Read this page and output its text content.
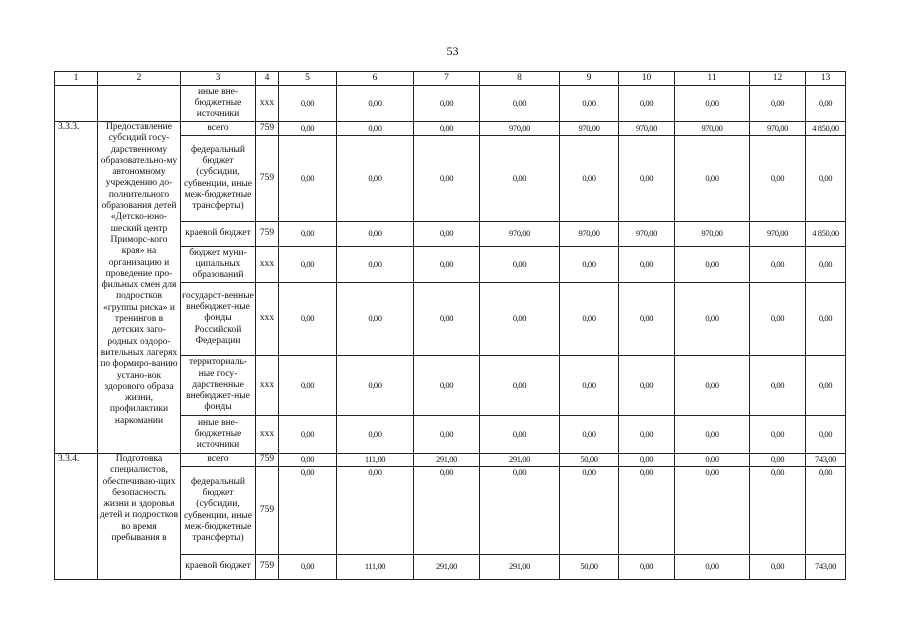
53
1	2	3	4	5	6	7	8	9	10	11	12	13
		иные вне-
бюджетные
источники	xxx	0,00	0,00	0,00	0,00	0,00	0,00	0,00	0,00	0,00
3.3.3.	Предоставление субсидий госу-дарственному образовательно-му автономному учреждению до-полнительного образования детей «Детско-юно-шеский центр Приморс-кого края» на организацию и проведение про-фильных смен для подростков «группы риска» и тренингов в детских заго-родных оздоро-вительных лагерях по формиро-ванию устано-вок здорового образа жизни, профилактики наркомании	всего	759	0,00	0,00	0,00	970,00	970,00	970,00	970,00	970,00	4 850,00
		федеральный бюджет (субсидии, субвенции, иные меж-бюджетные трансферты)	759	0,00	0,00	0,00	0,00	0,00	0,00	0,00	0,00	0,00
		краевой бюджет	759	0,00	0,00	0,00	970,00	970,00	970,00	970,00	970,00	4 850,00
		бюджет муни-ципальных образований	xxx	0,00	0,00	0,00	0,00	0,00	0,00	0,00	0,00	0,00
		государст-венные внебюджет-ные фонды Российской Федерации	xxx	0,00	0,00	0,00	0,00	0,00	0,00	0,00	0,00	0,00
		территориаль-ные госу-дарственные внебюджет-ные фонды	xxx	0,00	0,00	0,00	0,00	0,00	0,00	0,00	0,00	0,00
		иные вне-бюджетные источники	xxx	0,00	0,00	0,00	0,00	0,00	0,00	0,00	0,00	0,00
3.3.4.	Подготовка специалистов, обеспечиваю-щих безопасность жизни и здоровья детей и подростков во время пребывания в	всего	759	0,00	111,00	291,00	291,00	50,00	0,00	0,00	0,00	743,00
		федеральный бюджет (субсидии, субвенции, иные меж-бюджетные трансферты)	759	0,00	0,00	0,00	0,00	0,00	0,00	0,00	0,00	0,00
		краевой бюджет	759	0,00	111,00	291,00	291,00	50,00	0,00	0,00	0,00	743,00
